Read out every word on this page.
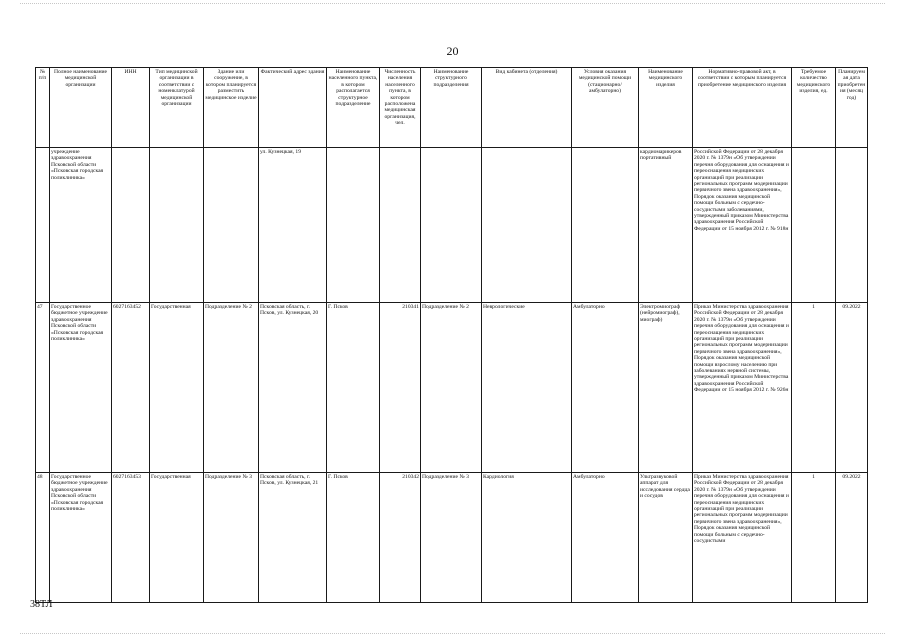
20
№ п/п	Полное наименование медицинской организации	ИНН	Тип медицинской организации в соответствии с номенклатурой медицинской организации	Здание или сооружение, в котором планируется разместить медицинское изделие	Фактический адрес здания	Наименование населенного пункта, в котором располагается структурное подразделение	Численность населения населенного пункта, в котором расположена медицинская организация, чел.	Наименование структурного подразделения	Вид кабинета (отделения)	Условия оказания медицинской помощи (стационарно/амбулаторно)	Наименование медицинского изделия	Нормативно-правовой акт, в соответствии с которым планируется приобретение медицинского изделия	Требуемое количество медицинского изделия, ед.	Планируемая дата приобретения (месяц год)
	учреждение здравоохранения Псковской области «Псковская городская поликлиника»				ул. Кузнецкая, 19						кардиомарикеров портативный	Российской Федерации от 28 декабря 2020 г. № 1379н «Об утверждении перечня оборудования для оснащения и переоснащения медицинских организаций при реализации региональных программ модернизации первичного звена здравоохранения», Порядок оказания медицинской помощи больным с сердечно-сосудистыми заболеваниями, утвержденный приказом Министерства здравоохранения Российской Федерации от 15 ноября 2012 г. № 918н		
47	Государственное бюджетное учреждение здравоохранения Псковской области «Псковская городская поликлиника»	6027163452	Государственная	Подразделение № 2	Псковская область, г. Псков, ул. Кузнецкая, 20	Г. Псков	210341	Подразделение № 2	Неврологические	Амбулаторно	Электромиограф (нейромиограф), миограф)	Приказ Министерства здравоохранения Российской Федерации от 28 декабря 2020 г. № 1379н «Об утверждении перечня оборудования для оснащения и переоснащения медицинских организаций при реализации региональных программ модернизации первичного звена здравоохранения», Порядок оказания медицинской помощи взрослому населению при заболеваниях нервной системы, утвержденный приказом Министерства здравоохранения Российской Федерации от 15 ноября 2012 г. № 926н	1	09.2022
48	Государственное бюджетное учреждение здравоохранения Псковской области «Псковская городская поликлиника»	6027163453	Государственная	Подразделение № 3	Псковская область, г. Псков, ул. Кузнецкая, 21	Г. Псков	210342	Подразделение № 3	Кардиология	Амбулаторно	Ультразвуковой аппарат для исследования сердца и сосудов	Приказ Министерства здравоохранения Российской Федерации от 28 декабря 2020 г. № 1379н «Об утверждении перечня оборудования для оснащения и переоснащения медицинских организаций при реализации региональных программ модернизации первичного звена здравоохранения», Порядок оказания медицинской помощи больным с сердечно-сосудистыми	1	09.2022
38ТЛ
